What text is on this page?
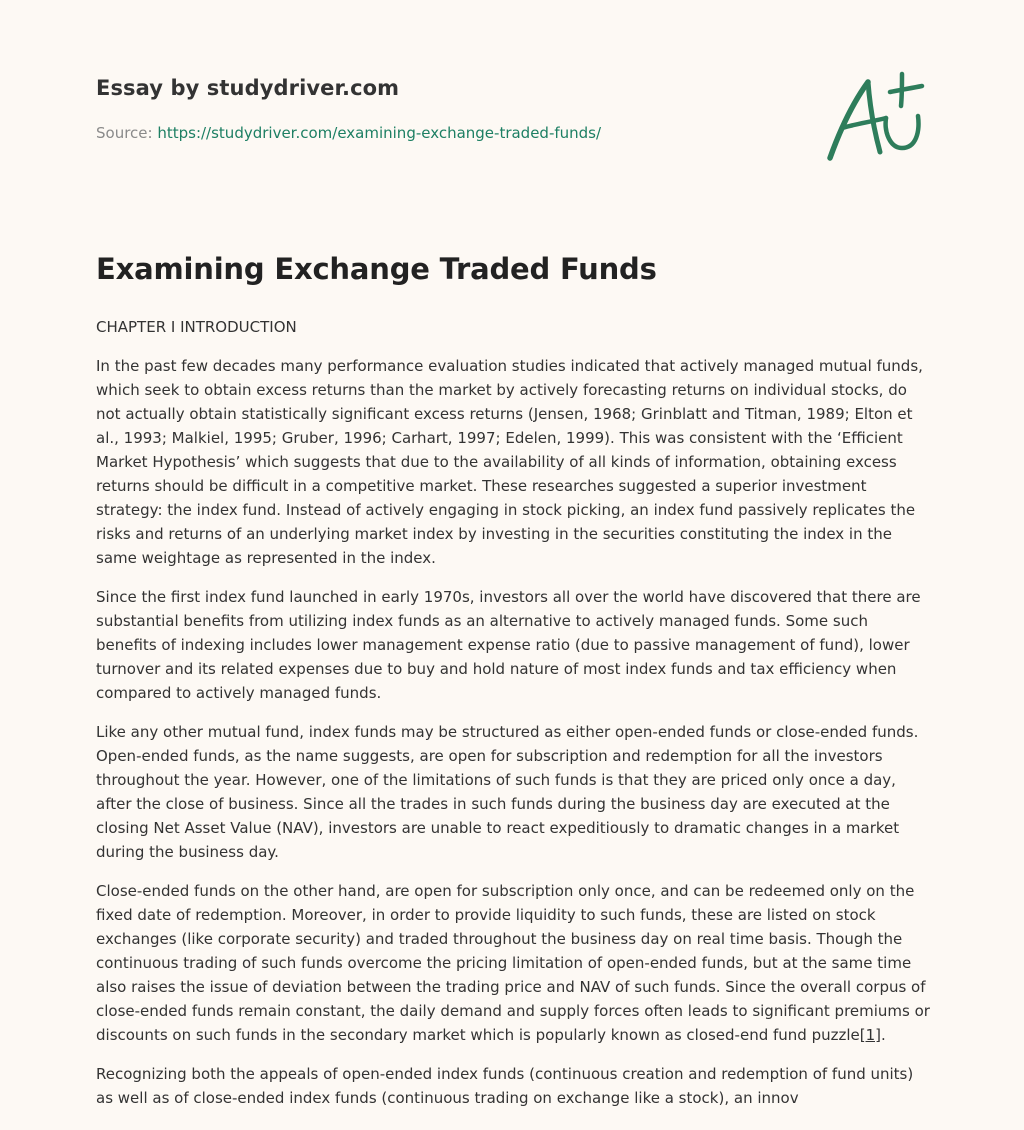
Essay by studydriver.com

Source: https://studydriver.com/examining-exchange-traded-funds/

Examining Exchange Traded Funds

CHAPTER I INTRODUCTION

In the past few decades many performance evaluation studies indicated that actively managed mutual funds, which seek to obtain excess returns than the market by actively forecasting returns on individual stocks, do not actually obtain statistically significant excess returns (Jensen, 1968; Grinblatt and Titman, 1989; Elton et al., 1993; Malkiel, 1995; Gruber, 1996; Carhart, 1997; Edelen, 1999). This was consistent with the ‘Efficient Market Hypothesis’ which suggests that due to the availability of all kinds of information, obtaining excess returns should be difficult in a competitive market. These researches suggested a superior investment strategy: the index fund. Instead of actively engaging in stock picking, an index fund passively replicates the risks and returns of an underlying market index by investing in the securities constituting the index in the same weightage as represented in the index.

Since the first index fund launched in early 1970s, investors all over the world have discovered that there are substantial benefits from utilizing index funds as an alternative to actively managed funds. Some such benefits of indexing includes lower management expense ratio (due to passive management of fund), lower turnover and its related expenses due to buy and hold nature of most index funds and tax efficiency when compared to actively managed funds.

Like any other mutual fund, index funds may be structured as either open-ended funds or close-ended funds. Open-ended funds, as the name suggests, are open for subscription and redemption for all the investors throughout the year. However, one of the limitations of such funds is that they are priced only once a day, after the close of business. Since all the trades in such funds during the business day are executed at the closing Net Asset Value (NAV), investors are unable to react expeditiously to dramatic changes in a market during the business day.

Close-ended funds on the other hand, are open for subscription only once, and can be redeemed only on the fixed date of redemption. Moreover, in order to provide liquidity to such funds, these are listed on stock exchanges (like corporate security) and traded throughout the business day on real time basis. Though the continuous trading of such funds overcome the pricing limitation of open-ended funds, but at the same time also raises the issue of deviation between the trading price and NAV of such funds. Since the overall corpus of close-ended funds remain constant, the daily demand and supply forces often leads to significant premiums or discounts on such funds in the secondary market which is popularly known as closed-end fund puzzle[1].

Recognizing both the appeals of open-ended index funds (continuous creation and redemption of fund units) as well as of close-ended index funds (continuous trading on exchange like a stock), an innov
